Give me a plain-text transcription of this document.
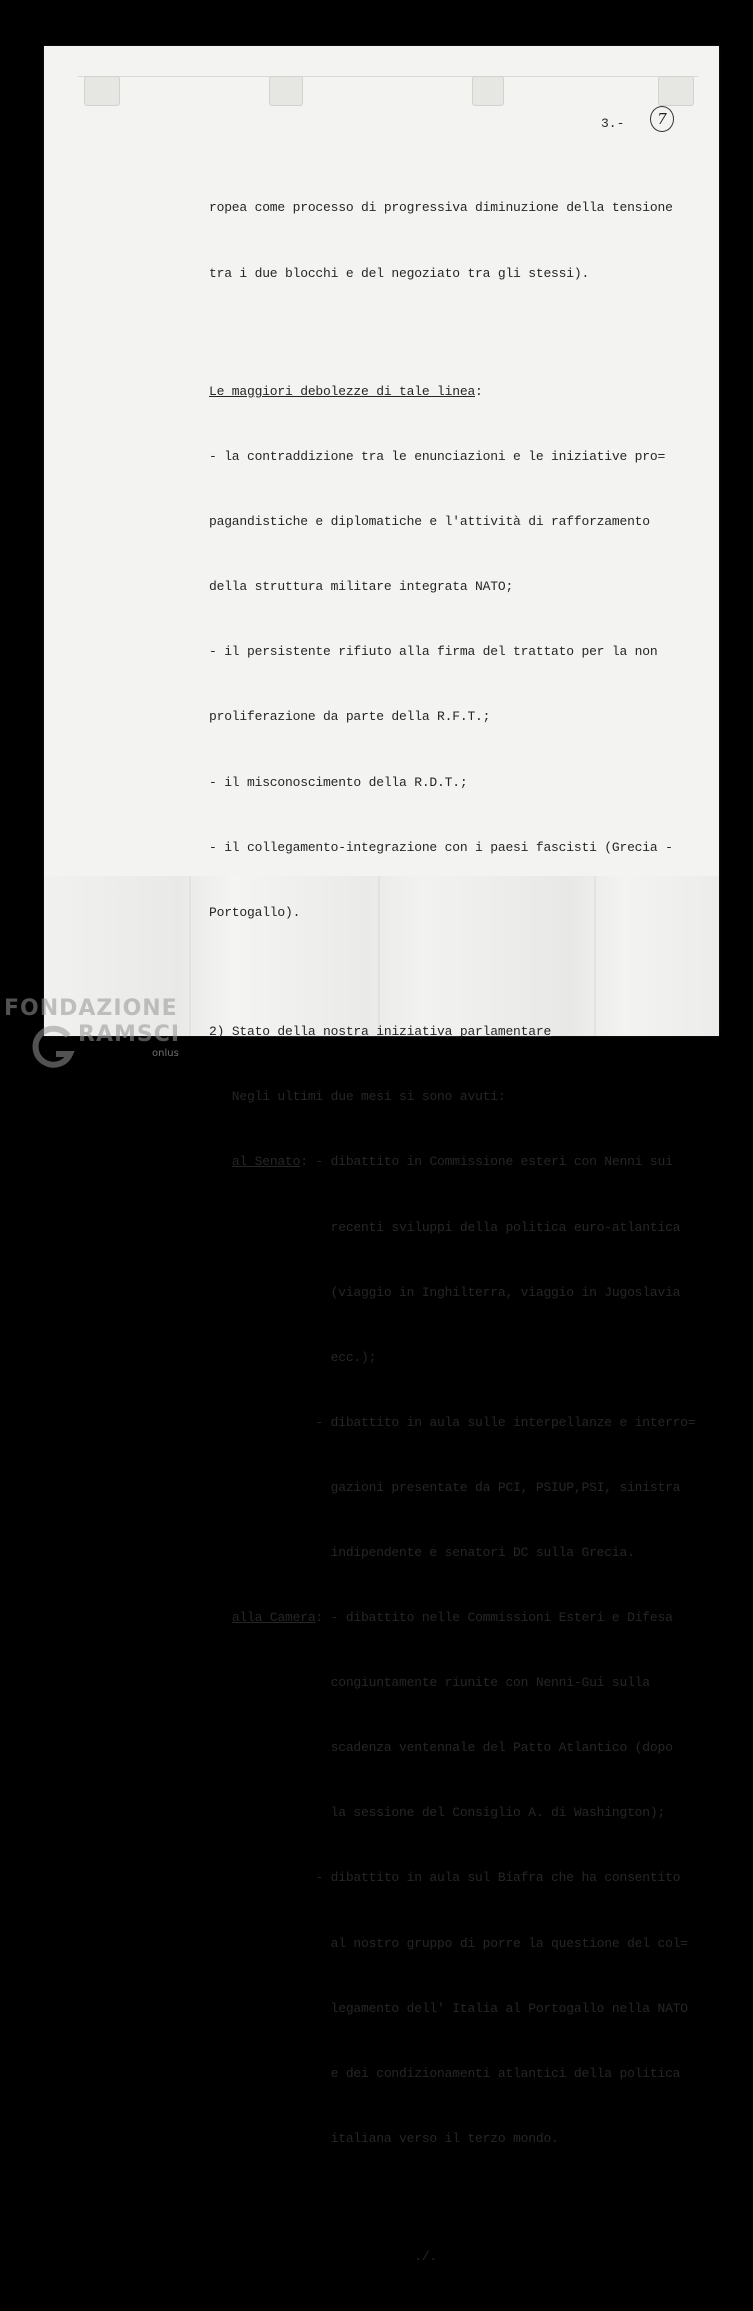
3.-	7

ropea come processo di progressiva diminuzione della tensione

tra i due blocchi e del negoziato tra gli stessi).

Le maggiori debolezze di tale linea:

- la contraddizione tra le enunciazioni e le iniziative pro=

pagandistiche e diplomatiche e l'attività di rafforzamento

della struttura militare integrata NATO;

- il persistente rifiuto alla firma del trattato per la non

proliferazione da parte della R.F.T.;

- il misconoscimento della R.D.T.;

- il collegamento-integrazione con i paesi fascisti (Grecia -

Portogallo).

2) Stato della nostra iniziativa parlamentare

Negli ultimi due mesi si sono avuti:

al Senato: - dibattito in Commissione esteri con Nenni sui

recenti sviluppi della politica euro-atlantica

(viaggio in Inghilterra, viaggio in Jugoslavia

ecc.);

- dibattito in aula sulle interpellanze e interro=

gazioni presentate da PCI, PSIUP,PSI, sinistra

indipendente e senatori DC sulla Grecia.

alla Camera: - dibattito nelle Commissioni Esteri e Difesa

congiuntamente riunite con Nenni-Gui sulla

scadenza ventennale del Patto Atlantico (dopo

la sessione del Consiglio A. di Washington);

- dibattito in aula sul Biafra che ha consentito

al nostro gruppo di porre la questione del col=

legamento dell' Italia al Portogallo nella NATO

e dei condizionamenti atlantici della politica

italiana verso il terzo mondo.

./.

FONDAZIONE
RAMSCI
onlus
